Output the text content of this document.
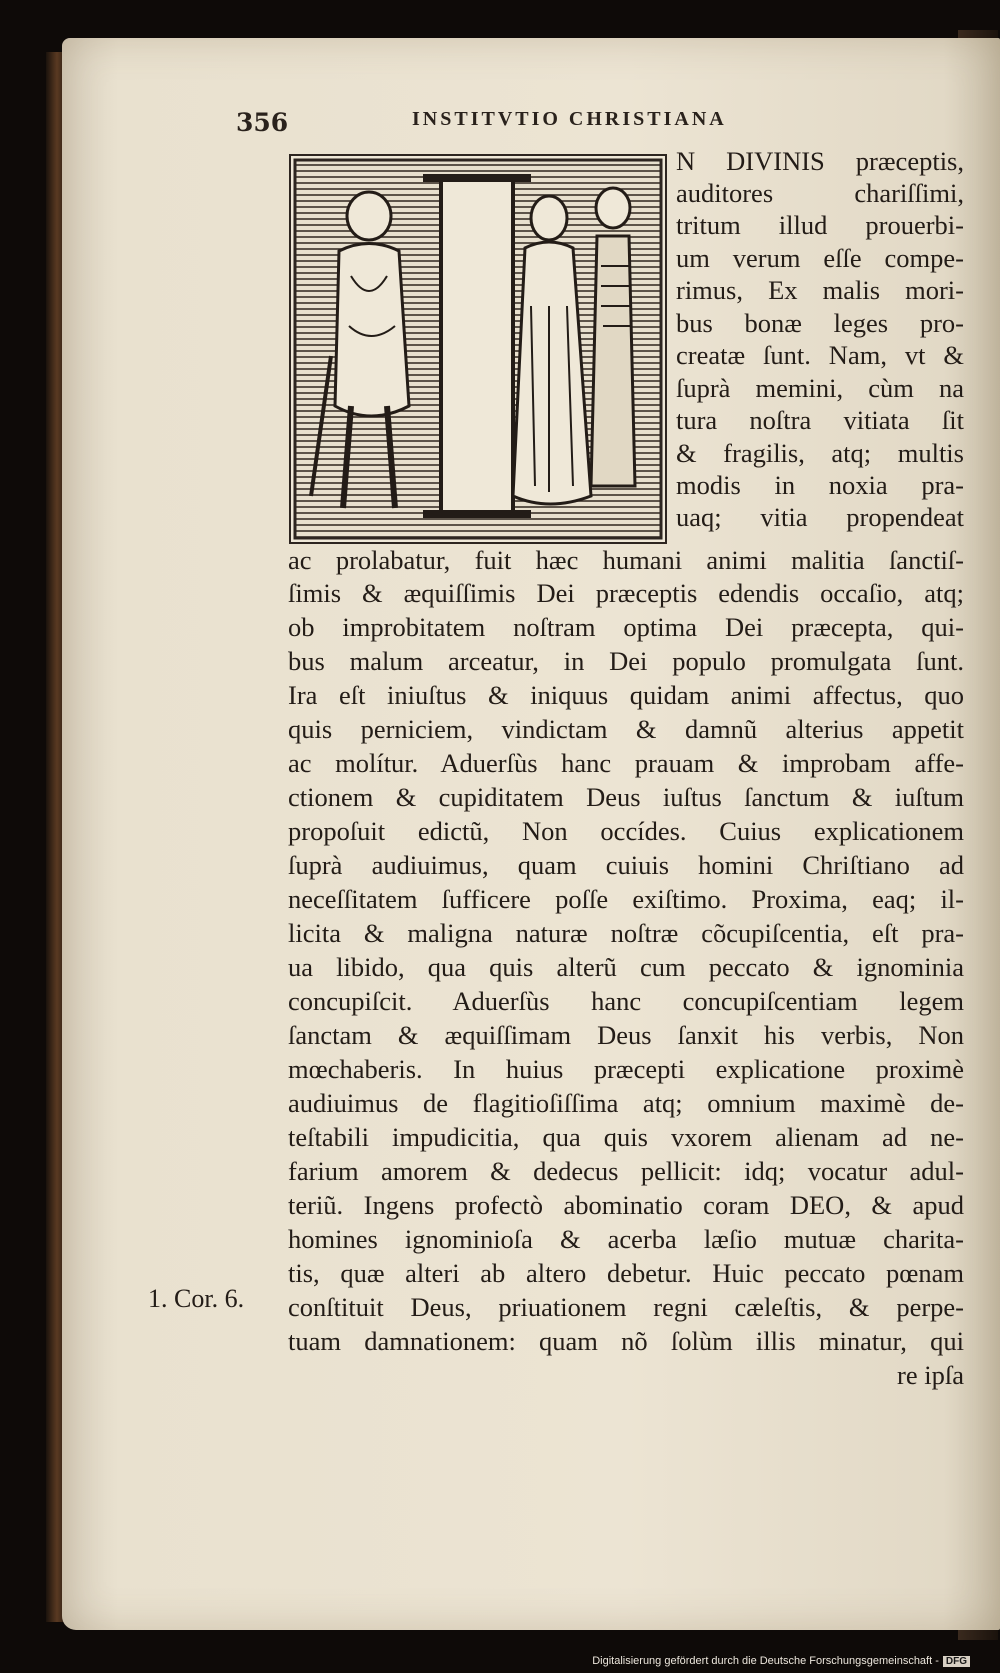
356	INSTITVTIO CHRISTIANA
N DIVINIS præceptis,
auditores chariſſimi,
tritum illud prouerbi-
um verum eſſe compe-
rimus, Ex malis mori-
bus bonæ leges pro-
creatæ ſunt. Nam, vt &
ſuprà memini, cùm na
tura noſtra vitiata ſit
& fragilis, atq; multis
modis in noxia pra-
uaq; vitia propendeat
ac prolabatur, fuit hæc humani animi malitia ſanctiſ-
ſimis & æquiſſimis Dei præceptis edendis occaſio, atq;
ob improbitatem noſtram optima Dei præcepta, qui-
bus malum arceatur, in Dei populo promulgata ſunt.
Ira eſt iniuſtus & iniquus quidam animi affectus, quo
quis perniciem, vindictam & damnũ alterius appetit
ac molítur. Aduerſùs hanc prauam & improbam affe-
ctionem & cupiditatem Deus iuſtus ſanctum & iuſtum
propoſuit edictũ, Non occídes. Cuius explicationem
ſuprà audiuimus, quam cuiuis homini Chriſtiano ad
neceſſitatem ſufficere poſſe exiſtimo. Proxima, eaq; il-
licita & maligna naturæ noſtræ cõcupiſcentia, eſt pra-
ua libido, qua quis alterũ cum peccato & ignominia
concupiſcit. Aduerſùs hanc concupiſcentiam legem
ſanctam & æquiſſimam Deus ſanxit his verbis, Non
mœchaberis. In huius præcepti explicatione proximè
audiuimus de flagitioſiſſima atq; omnium maximè de-
teſtabili impudicitia, qua quis vxorem alienam ad ne-
farium amorem & dedecus pellicit: idq; vocatur adul-
teriũ. Ingens profectò abominatio coram DEO, & apud
homines ignominioſa & acerba læſio mutuæ charita-
tis, quæ alteri ab altero debetur. Huic peccato pœnam
conſtituit Deus, priuationem regni cæleſtis, & perpe-
tuam damnationem: quam nõ ſolùm illis minatur, qui
re ipſa
1. Cor. 6.
Digitalisierung gefördert durch die Deutsche Forschungsgemeinschaft - DFG
